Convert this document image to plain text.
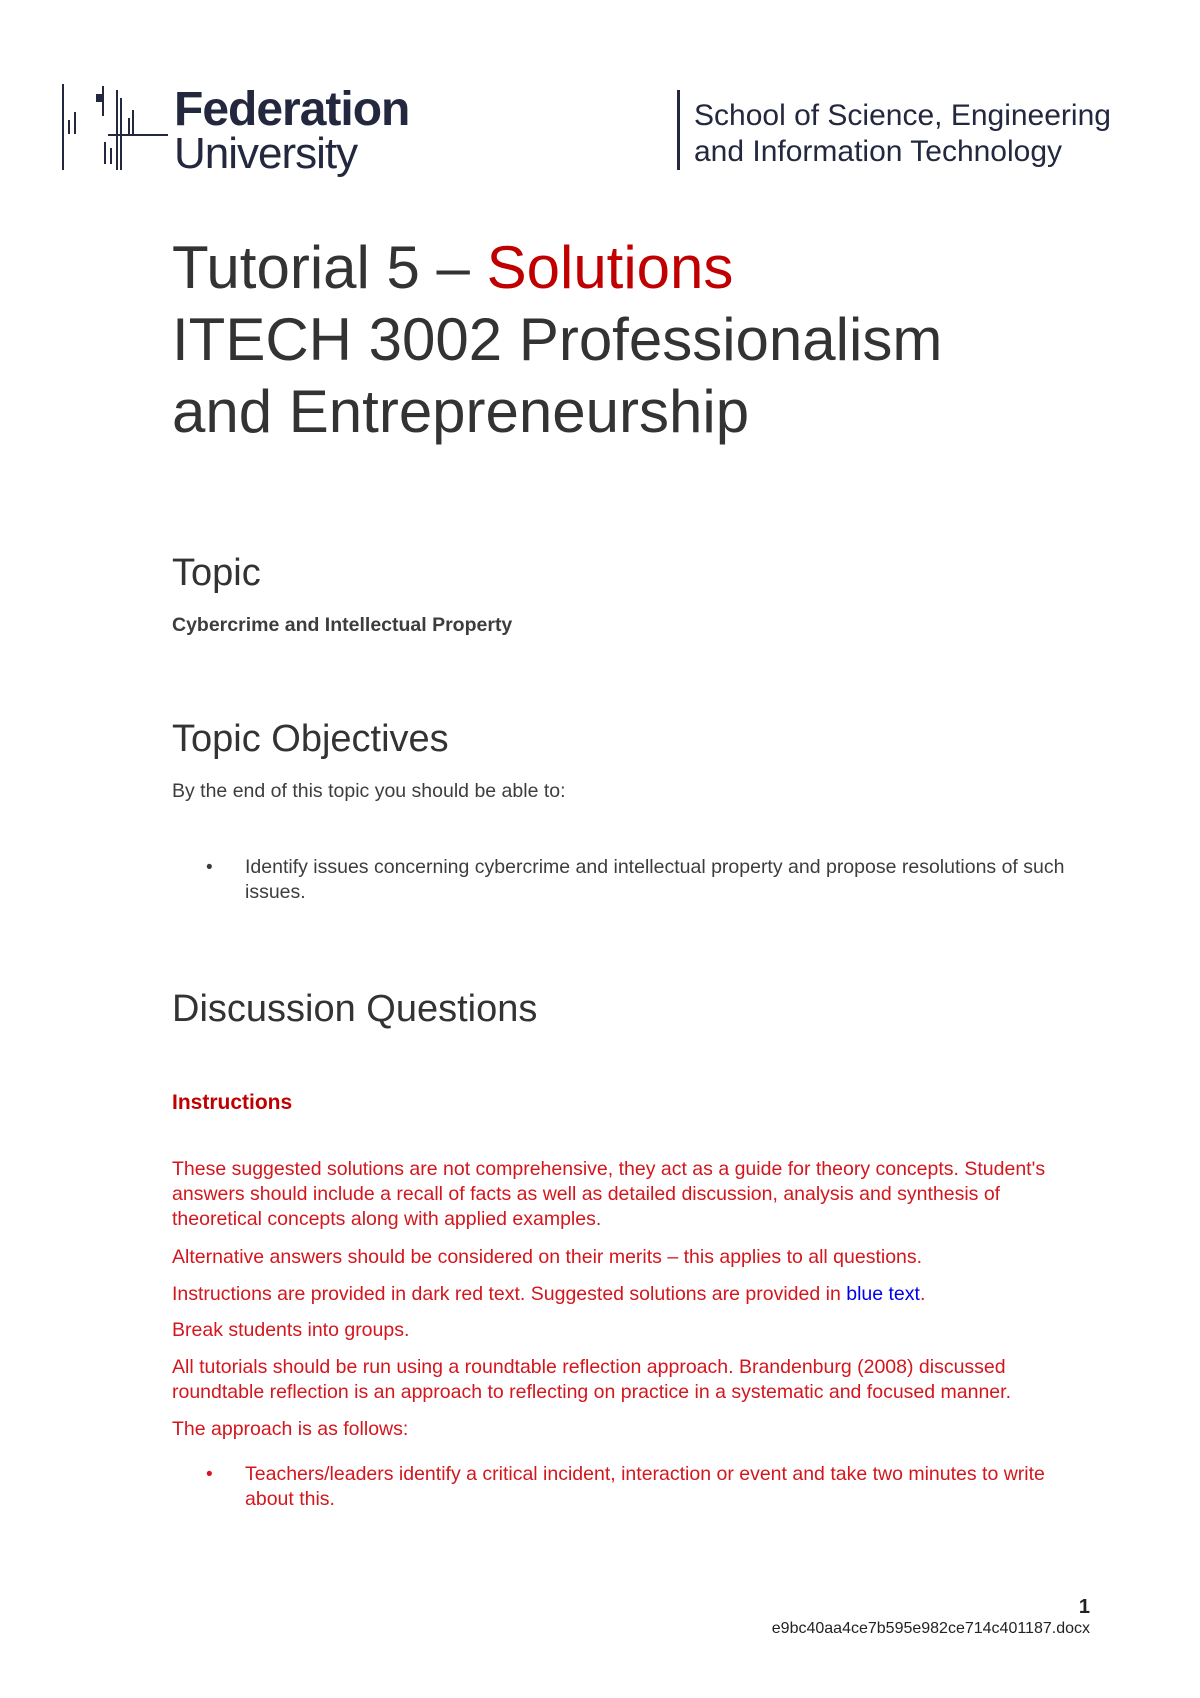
Federation
University
School of Science, Engineering
and Information Technology
Tutorial 5 – Solutions
ITECH 3002 Professionalism
and Entrepreneurship
Topic

Cybercrime and Intellectual Property

Topic Objectives

By the end of this topic you should be able to:

• Identify issues concerning cybercrime and intellectual property and propose resolutions of such issues.
Discussion Questions

Instructions

These suggested solutions are not comprehensive, they act as a guide for theory concepts. Student's answers should include a recall of facts as well as detailed discussion, analysis and synthesis of theoretical concepts along with applied examples.

Alternative answers should be considered on their merits – this applies to all questions.

Instructions are provided in dark red text. Suggested solutions are provided in blue text.

Break students into groups.

All tutorials should be run using a roundtable reflection approach. Brandenburg (2008) discussed roundtable reflection is an approach to reflecting on practice in a systematic and focused manner.

The approach is as follows:

• Teachers/leaders identify a critical incident, interaction or event and take two minutes to write about this.
1
e9bc40aa4ce7b595e982ce714c401187.docx
